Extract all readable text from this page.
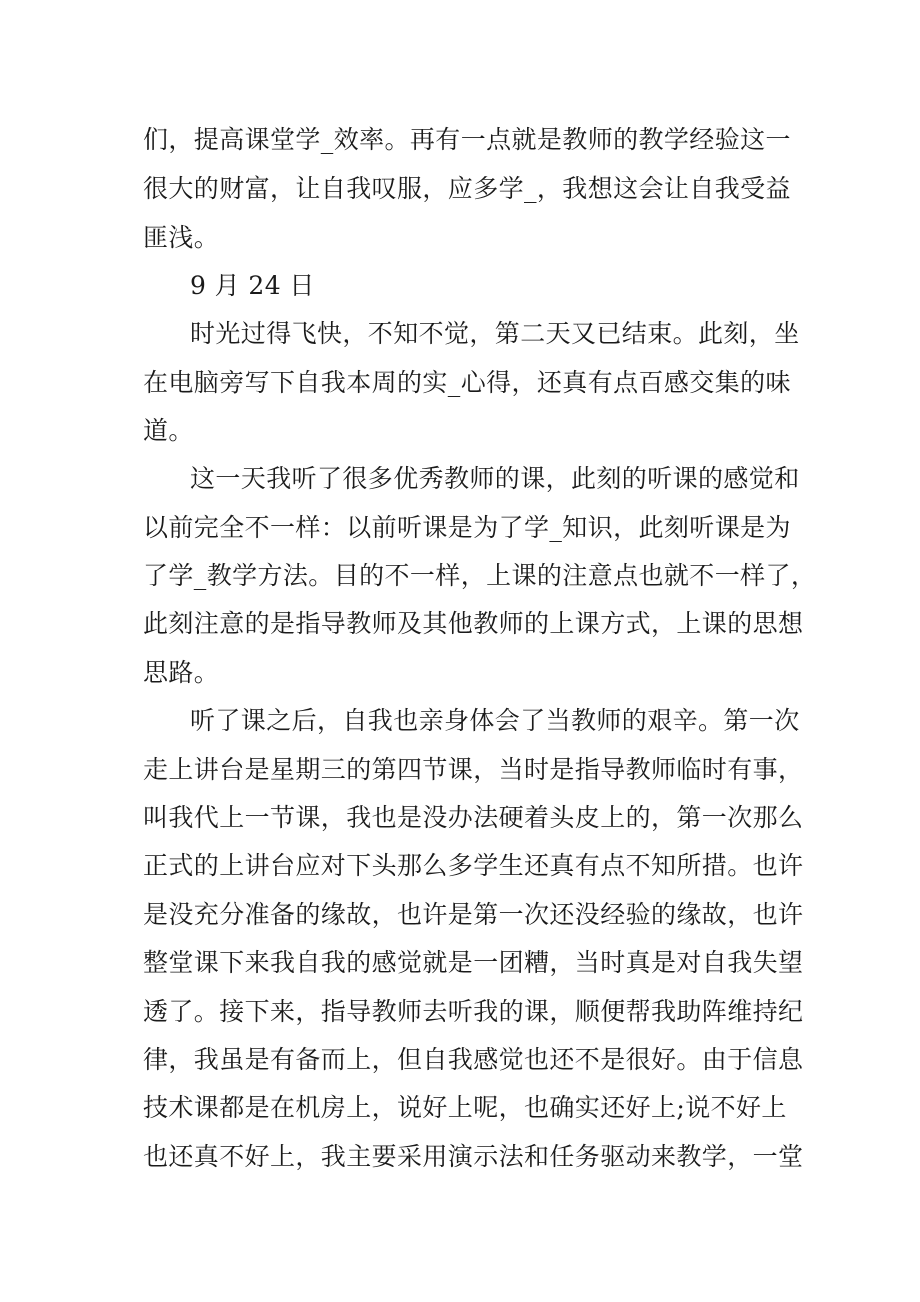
们，提高课堂学_效率。再有一点就是教师的教学经验这一
很大的财富，让自我叹服，应多学_，我想这会让自我受益
匪浅。
9 月 24 日
时光过得飞快，不知不觉，第二天又已结束。此刻，坐
在电脑旁写下自我本周的实_心得，还真有点百感交集的味
道。
这一天我听了很多优秀教师的课，此刻的听课的感觉和
以前完全不一样：以前听课是为了学_知识，此刻听课是为
了学_教学方法。目的不一样，上课的注意点也就不一样了，
此刻注意的是指导教师及其他教师的上课方式，上课的思想
思路。
听了课之后，自我也亲身体会了当教师的艰辛。第一次
走上讲台是星期三的第四节课，当时是指导教师临时有事，
叫我代上一节课，我也是没办法硬着头皮上的，第一次那么
正式的上讲台应对下头那么多学生还真有点不知所措。也许
是没充分准备的缘故，也许是第一次还没经验的缘故，也许
整堂课下来我自我的感觉就是一团糟，当时真是对自我失望
透了。接下来，指导教师去听我的课，顺便帮我助阵维持纪
律，我虽是有备而上，但自我感觉也还不是很好。由于信息
技术课都是在机房上，说好上呢，也确实还好上;说不好上
也还真不好上，我主要采用演示法和任务驱动来教学，一堂
